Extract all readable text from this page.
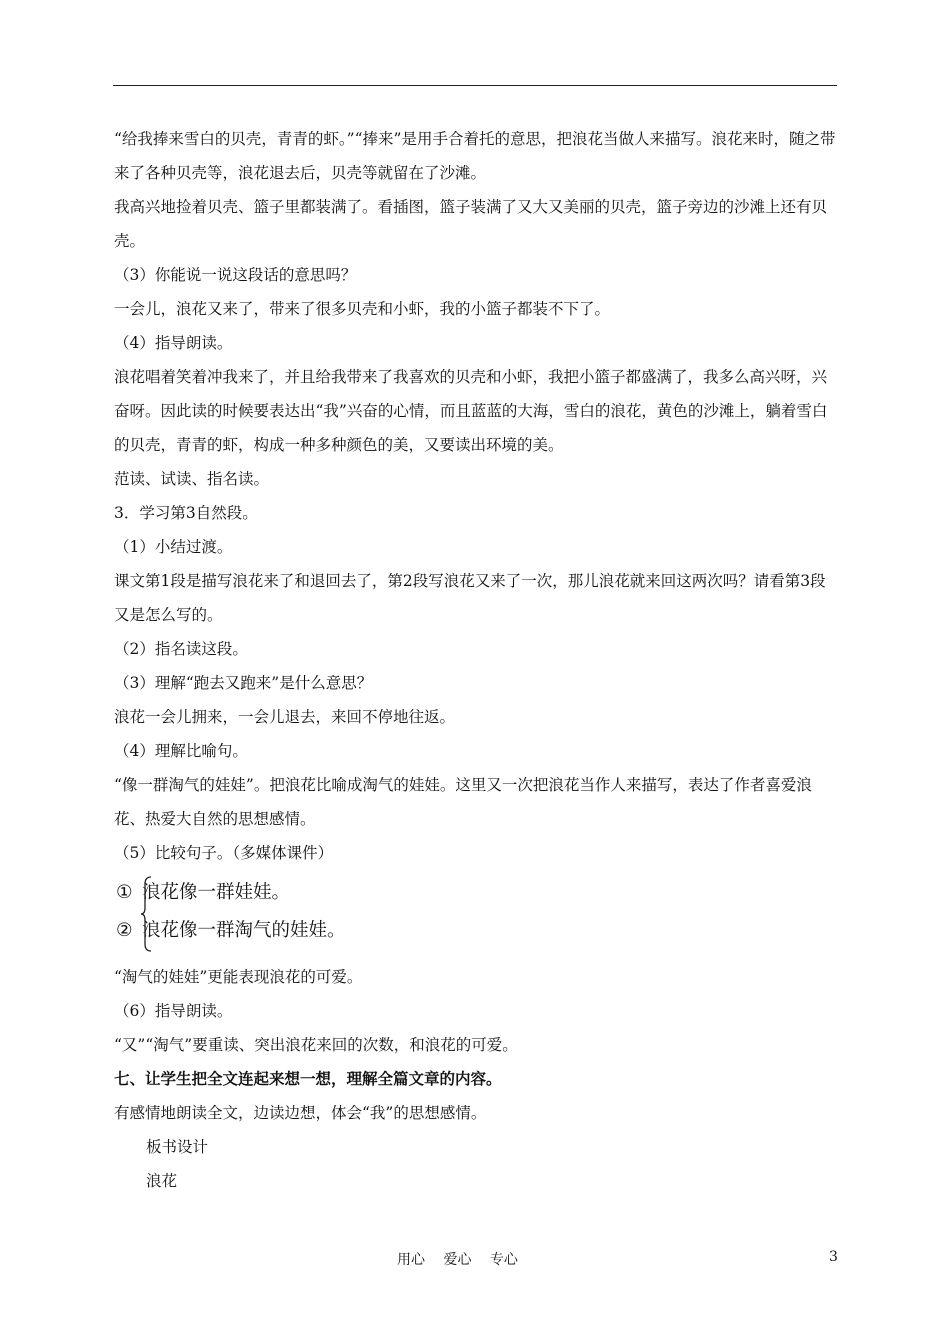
“给我捧来雪白的贝壳，青青的虾。”“捧来”是用手合着托的意思，把浪花当做人来描写。浪花来时，随之带来了各种贝壳等，浪花退去后，贝壳等就留在了沙滩。
我高兴地捡着贝壳、篮子里都装满了。看插图，篮子装满了又大又美丽的贝壳，篮子旁边的沙滩上还有贝壳。
（3）你能说一说这段话的意思吗？
一会儿，浪花又来了，带来了很多贝壳和小虾，我的小篮子都装不下了。
（4）指导朗读。
浪花唱着笑着冲我来了，并且给我带来了我喜欢的贝壳和小虾，我把小篮子都盛满了，我多么高兴呀，兴奋呀。因此读的时候要表达出“我”兴奋的心情，而且蓝蓝的大海，雪白的浪花，黄色的沙滩上，躺着雪白的贝壳，青青的虾，构成一种多种颜色的美，又要读出环境的美。
范读、试读、指名读。
3．学习第3自然段。
（1）小结过渡。
课文第1段是描写浪花来了和退回去了，第2段写浪花又来了一次，那儿浪花就来回这两次吗？请看第3段又是怎么写的。
（2）指名读这段。
（3）理解“跑去又跑来”是什么意思？
浪花一会儿拥来，一会儿退去，来回不停地往返。
（4）理解比喻句。
“像一群淘气的娃娃”。把浪花比喻成淘气的娃娃。这里又一次把浪花当作人来描写，表达了作者喜爱浪花、热爱大自然的思想感情。
（5）比较句子。（多媒体课件）
① 浪花像一群娃娃。
② 浪花像一群淘气的娃娃。
“淘气的娃娃”更能表现浪花的可爱。
（6）指导朗读。
“又”“淘气”要重读、突出浪花来回的次数，和浪花的可爱。
七、让学生把全文连起来想一想，理解全篇文章的内容。
有感情地朗读全文，边读边想，体会“我”的思想感情。
板书设计
浪花
用心 爱心 专心	3
